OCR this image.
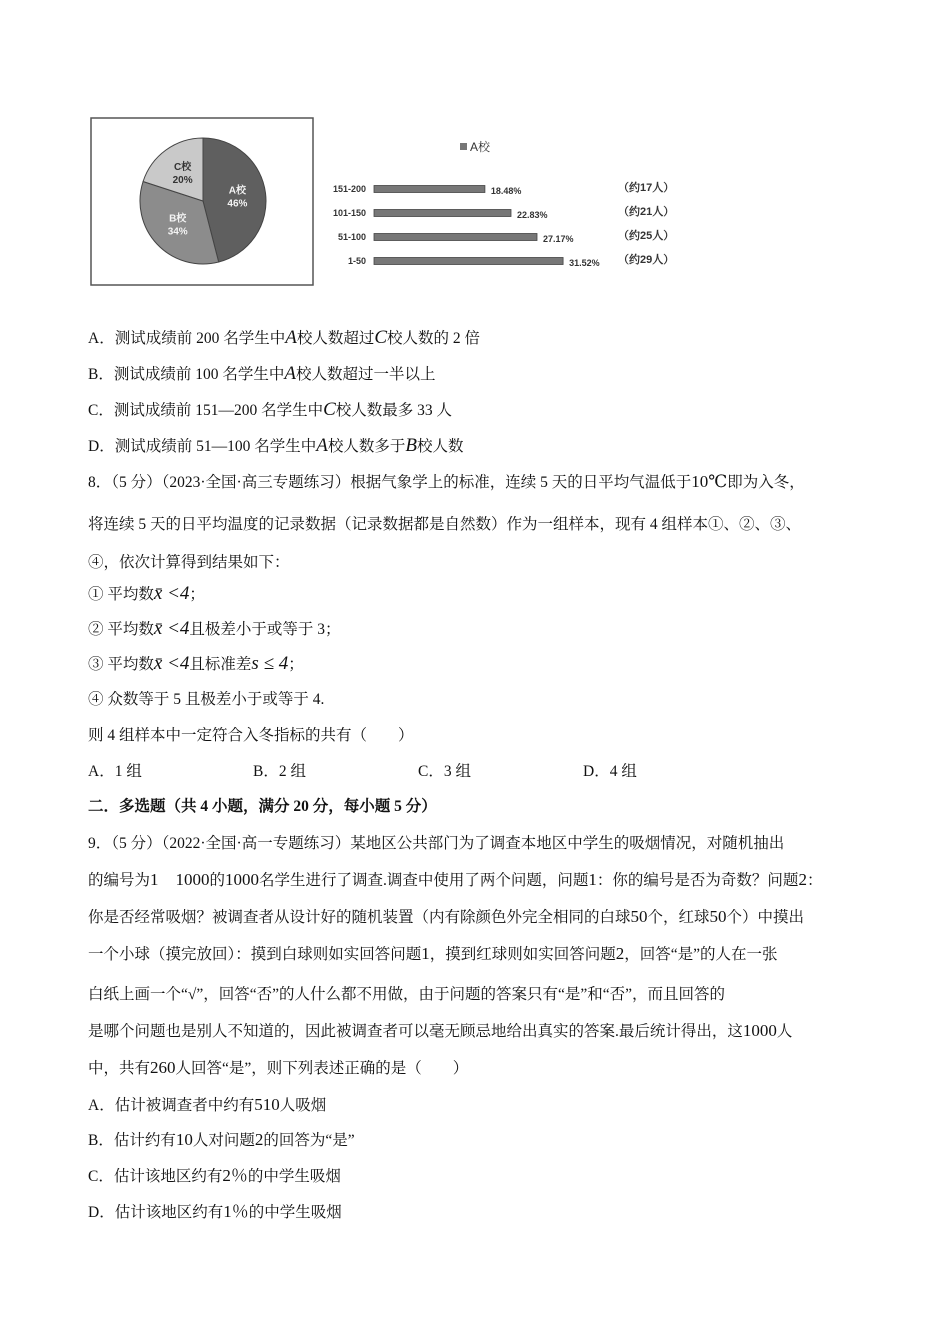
A校
46%
B校
34%
C校
20%
A校
151-200	18.48%	（约17人）
101-150	22.83%	（约21人）
51-100	27.17%	（约25人）
1-50	31.52% （约29人）
A．测试成绩前 200 名学生中A校人数超过C校人数的 2 倍
B．测试成绩前 100 名学生中A校人数超过一半以上
C．测试成绩前 151—200 名学生中C校人数最多 33 人
D．测试成绩前 51—100 名学生中A校人数多于B校人数
8．（5 分）（2023·全国·高三专题练习）根据气象学上的标准，连续 5 天的日平均气温低于10℃即为入冬，
将连续 5 天的日平均温度的记录数据（记录数据都是自然数）作为一组样本，现有 4 组样本①、②、③、
④，依次计算得到结果如下：
① 平均数x̄ <4；
② 平均数x̄ <4且极差小于或等于 3；
③ 平均数x̄ <4且标准差s ≤ 4；
④ 众数等于 5 且极差小于或等于 4.
则 4 组样本中一定符合入冬指标的共有（　　）
A．1 组	B．2 组	C．3 组	D．4 组
二．多选题（共 4 小题，满分 20 分，每小题 5 分）
9．（5 分）（2022·全国·高一专题练习）某地区公共部门为了调查本地区中学生的吸烟情况，对随机抽出
的编号为1　1000的1000名学生进行了调查.调查中使用了两个问题，问题1：你的编号是否为奇数？问题2：
你是否经常吸烟？被调查者从设计好的随机装置（内有除颜色外完全相同的白球50个，红球50个）中摸出
一个小球（摸完放回）：摸到白球则如实回答问题1，摸到红球则如实回答问题2，回答“是”的人在一张
白纸上画一个“√”，回答“否”的人什么都不用做，由于问题的答案只有“是”和“否”，而且回答的
是哪个问题也是别人不知道的，因此被调查者可以毫无顾忌地给出真实的答案.最后统计得出，这1000人
中，共有260人回答“是”，则下列表述正确的是（　　）
A．估计被调查者中约有510人吸烟
B．估计约有10人对问题2的回答为“是”
C．估计该地区约有2％的中学生吸烟
D．估计该地区约有1％的中学生吸烟
